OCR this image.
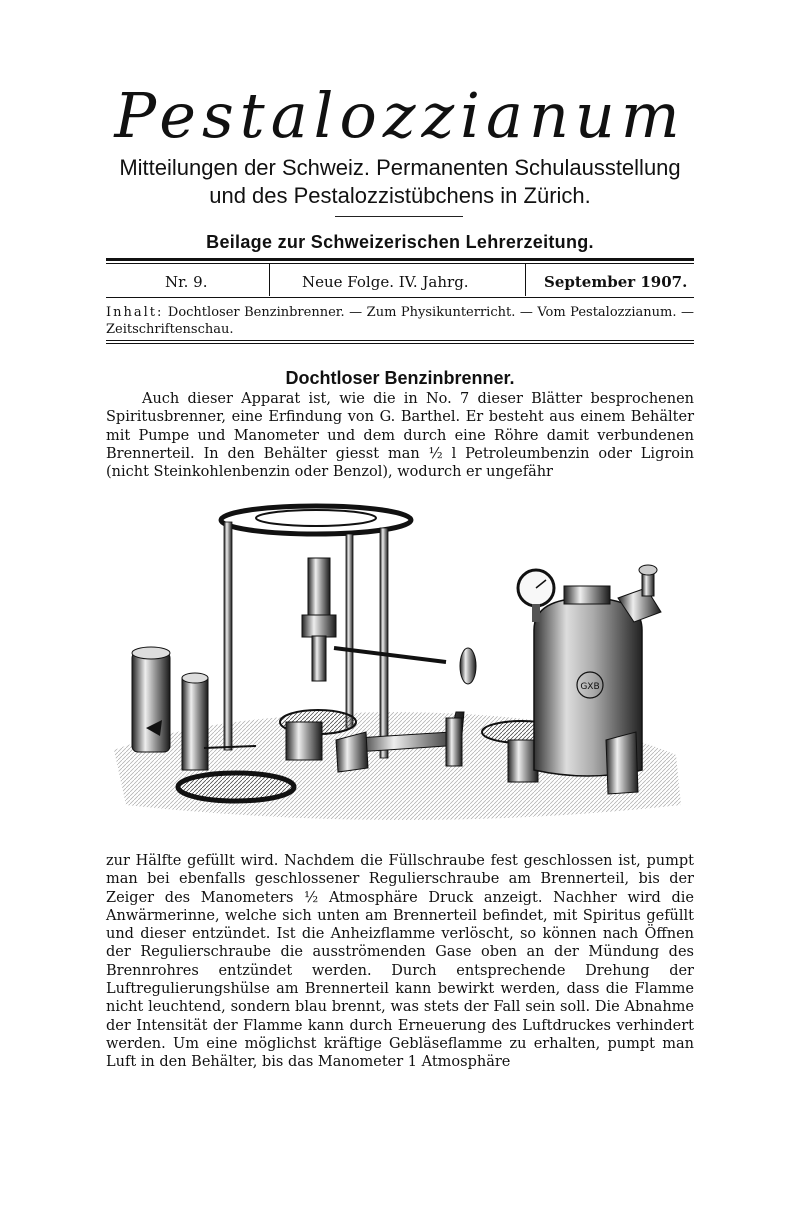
Pestalozzianum
Mitteilungen der Schweiz. Permanenten Schulausstellung
und des Pestalozzistübchens in Zürich.
Beilage zur Schweizerischen Lehrerzeitung.
Nr. 9.	Neue Folge. IV. Jahrg.	September 1907.
Inhalt: Dochtloser Benzinbrenner. — Zum Physikunterricht. — Vom Pestalozzianum. — Zeitschriftenschau.
Dochtloser Benzinbrenner.

Auch dieser Apparat ist, wie die in No. 7 dieser Blätter besprochenen Spiritusbrenner, eine Erfindung von G. Barthel. Er besteht aus einem Behälter mit Pumpe und Manometer und dem durch eine Röhre damit verbundenen Brennerteil. In den Behälter giesst man ½ l Petroleumbenzin oder Ligroin (nicht Steinkohlenbenzin oder Benzol), wodurch er ungefähr

GXB

zur Hälfte gefüllt wird. Nachdem die Füllschraube fest geschlossen ist, pumpt man bei ebenfalls geschlossener Regulierschraube am Brennerteil, bis der Zeiger des Manometers ½ Atmosphäre Druck anzeigt. Nachher wird die Anwärmerinne, welche sich unten am Brennerteil befindet, mit Spiritus gefüllt und dieser entzündet. Ist die Anheizflamme verlöscht, so können nach Öffnen der Regulierschraube die ausströmenden Gase oben an der Mündung des Brennrohres entzündet werden. Durch entsprechende Drehung der Luftregulierungshülse am Brennerteil kann bewirkt werden, dass die Flamme nicht leuchtend, sondern blau brennt, was stets der Fall sein soll. Die Abnahme der Intensität der Flamme kann durch Erneuerung des Luftdruckes verhindert werden. Um eine möglichst kräftige Gebläseflamme zu erhalten, pumpt man Luft in den Behälter, bis das Manometer 1 Atmosphäre
